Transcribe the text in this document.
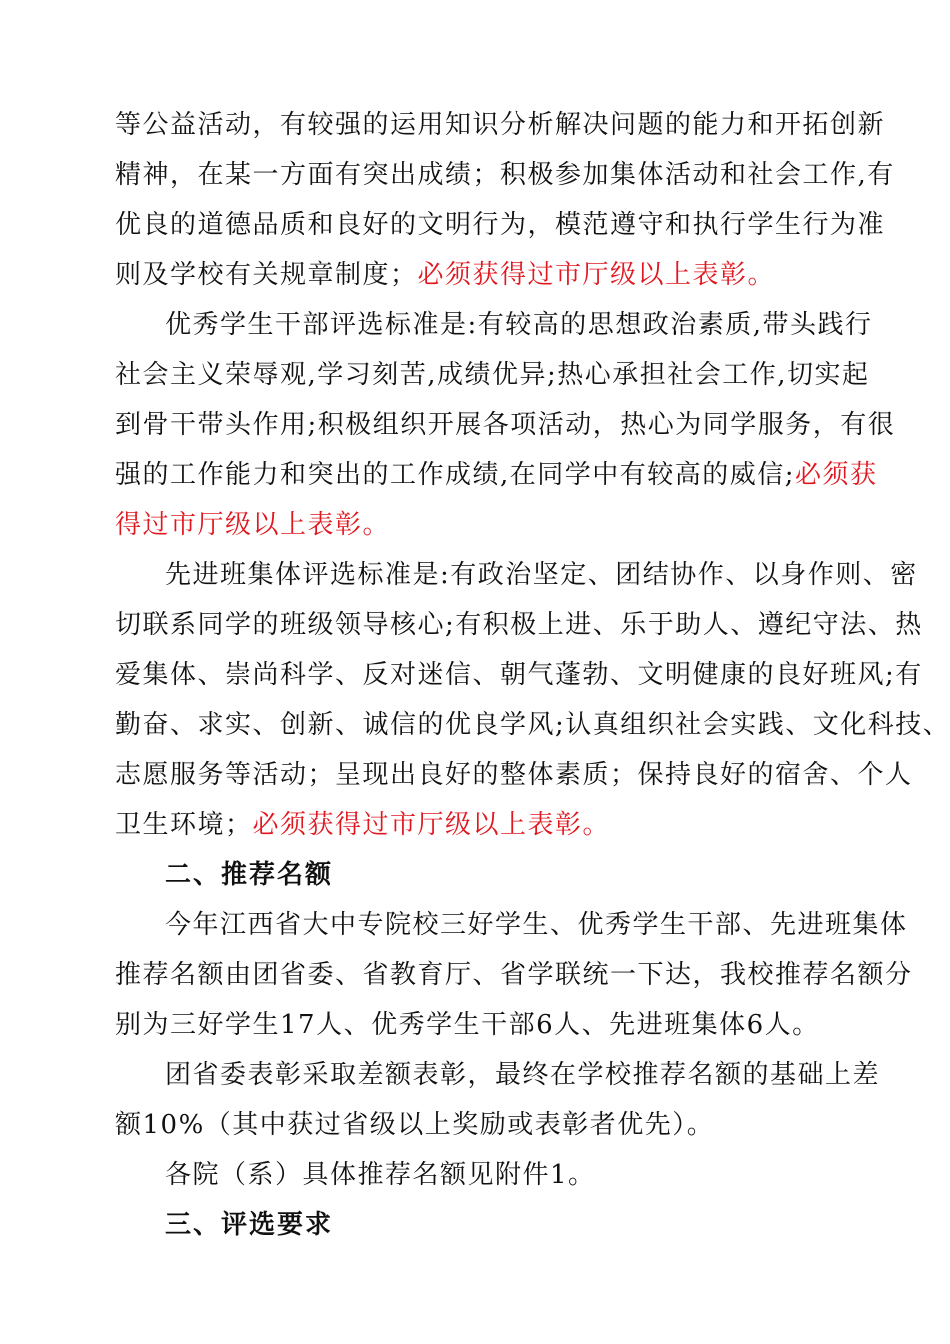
等公益活动，有较强的运用知识分析解决问题的能力和开拓创新
精神，在某一方面有突出成绩；积极参加集体活动和社会工作,有
优良的道德品质和良好的文明行为，模范遵守和执行学生行为准
则及学校有关规章制度；必须获得过市厅级以上表彰。
优秀学生干部评选标准是:有较高的思想政治素质,带头践行
社会主义荣辱观,学习刻苦,成绩优异;热心承担社会工作,切实起
到骨干带头作用;积极组织开展各项活动，热心为同学服务，有很
强的工作能力和突出的工作成绩,在同学中有较高的威信;必须获
得过市厅级以上表彰。
先进班集体评选标准是:有政治坚定、团结协作、以身作则、密
切联系同学的班级领导核心;有积极上进、乐于助人、遵纪守法、热
爱集体、崇尚科学、反对迷信、朝气蓬勃、文明健康的良好班风;有
勤奋、求实、创新、诚信的优良学风;认真组织社会实践、文化科技、
志愿服务等活动；呈现出良好的整体素质；保持良好的宿舍、个人
卫生环境；必须获得过市厅级以上表彰。
二、推荐名额
今年江西省大中专院校三好学生、优秀学生干部、先进班集体
推荐名额由团省委、省教育厅、省学联统一下达，我校推荐名额分
别为三好学生17人、优秀学生干部6人、先进班集体6人。
团省委表彰采取差额表彰，最终在学校推荐名额的基础上差
额10%（其中获过省级以上奖励或表彰者优先）。
各院（系）具体推荐名额见附件1。
三、评选要求
